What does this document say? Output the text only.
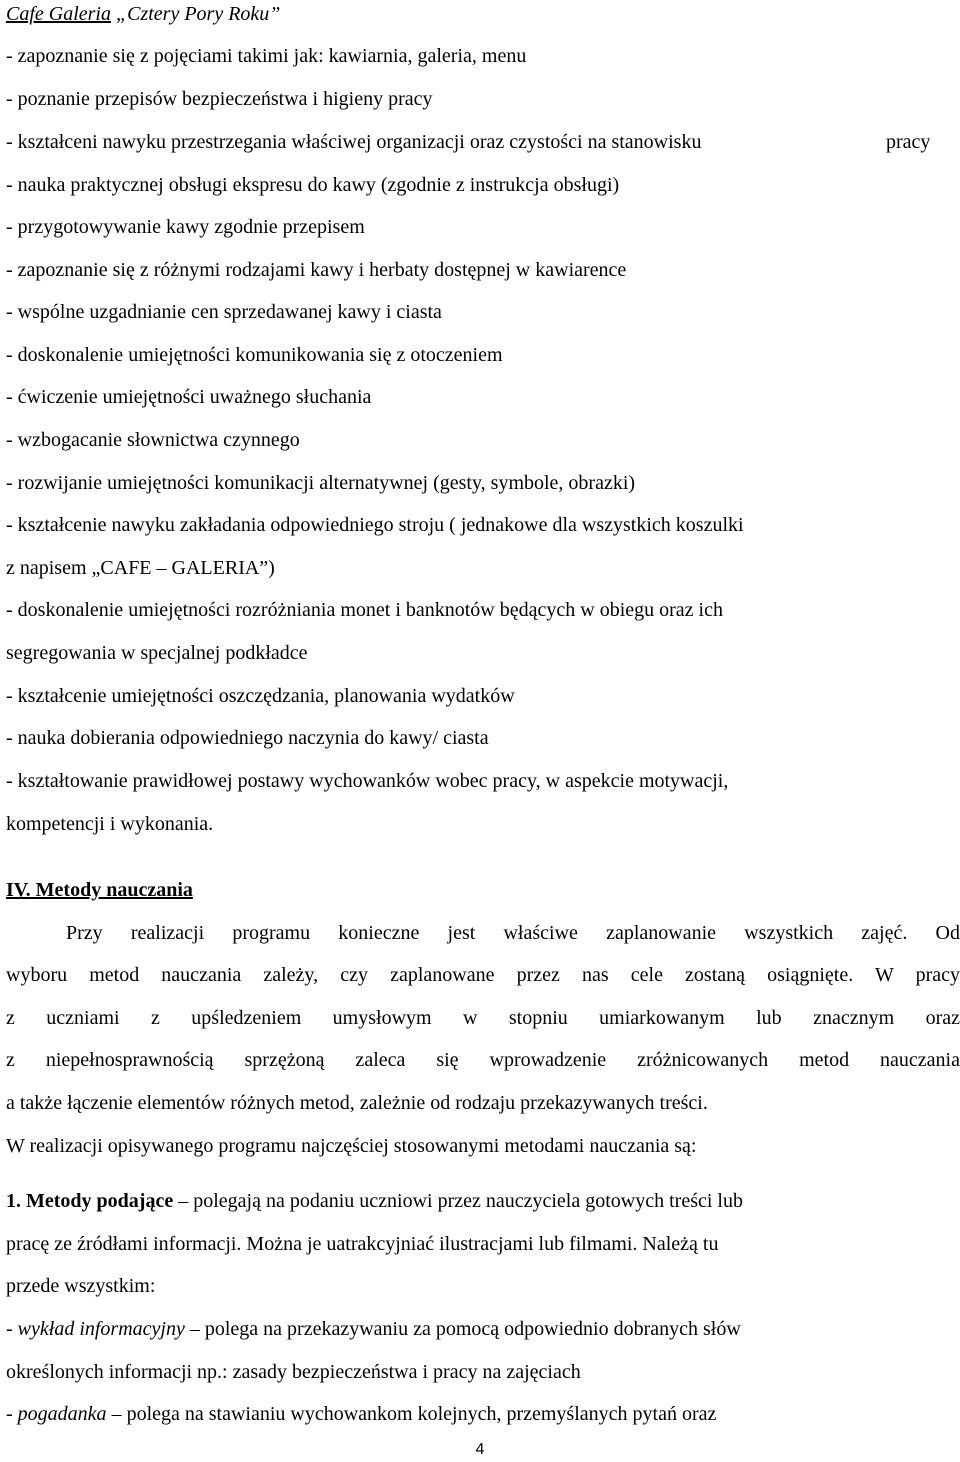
Cafe Galeria „Cztery Pory Roku”
- zapoznanie się z pojęciami takimi jak: kawiarnia, galeria, menu
- poznanie przepisów bezpieczeństwa i higieny pracy
- kształceni nawyku przestrzegania właściwej organizacji oraz czystości na stanowisku	pracy
- nauka praktycznej obsługi ekspresu do kawy (zgodnie z instrukcja obsługi)
- przygotowywanie kawy zgodnie przepisem
- zapoznanie się z różnymi rodzajami kawy i herbaty dostępnej w kawiarence
- wspólne uzgadnianie cen sprzedawanej kawy i ciasta
- doskonalenie umiejętności komunikowania się z otoczeniem
- ćwiczenie umiejętności uważnego słuchania
- wzbogacanie słownictwa czynnego
- rozwijanie umiejętności komunikacji alternatywnej (gesty, symbole, obrazki)
- kształcenie nawyku zakładania odpowiedniego stroju ( jednakowe dla wszystkich koszulki
z napisem „CAFE – GALERIA”)
- doskonalenie umiejętności rozróżniania monet i banknotów będących w obiegu oraz ich
segregowania w specjalnej podkładce
- kształcenie umiejętności oszczędzania, planowania wydatków
- nauka dobierania odpowiedniego naczynia do kawy/ ciasta
- kształtowanie prawidłowej postawy wychowanków wobec pracy, w aspekcie motywacji,
kompetencji i wykonania.
IV. Metody nauczania
Przy realizacji programu konieczne jest właściwe zaplanowanie wszystkich zajęć. Od
wyboru metod nauczania zależy, czy zaplanowane przez nas cele zostaną osiągnięte. W pracy
z uczniami z upśledzeniem umysłowym w stopniu umiarkowanym lub znacznym oraz
z niepełnosprawnością sprzężoną zaleca się wprowadzenie zróżnicowanych metod nauczania
a także łączenie elementów różnych metod, zależnie od rodzaju przekazywanych treści.
W realizacji opisywanego programu najczęściej stosowanymi metodami nauczania są:
1. Metody podające – polegają na podaniu uczniowi przez nauczyciela gotowych treści lub
pracę ze źródłami informacji. Można je uatrakcyjniać ilustracjami lub filmami. Należą tu
przede wszystkim:
- wykład informacyjny – polega na przekazywaniu za pomocą odpowiednio dobranych słów
określonych informacji np.: zasady bezpieczeństwa i pracy na zajęciach
- pogadanka – polega na stawianiu wychowankom kolejnych, przemyślanych pytań oraz
4
